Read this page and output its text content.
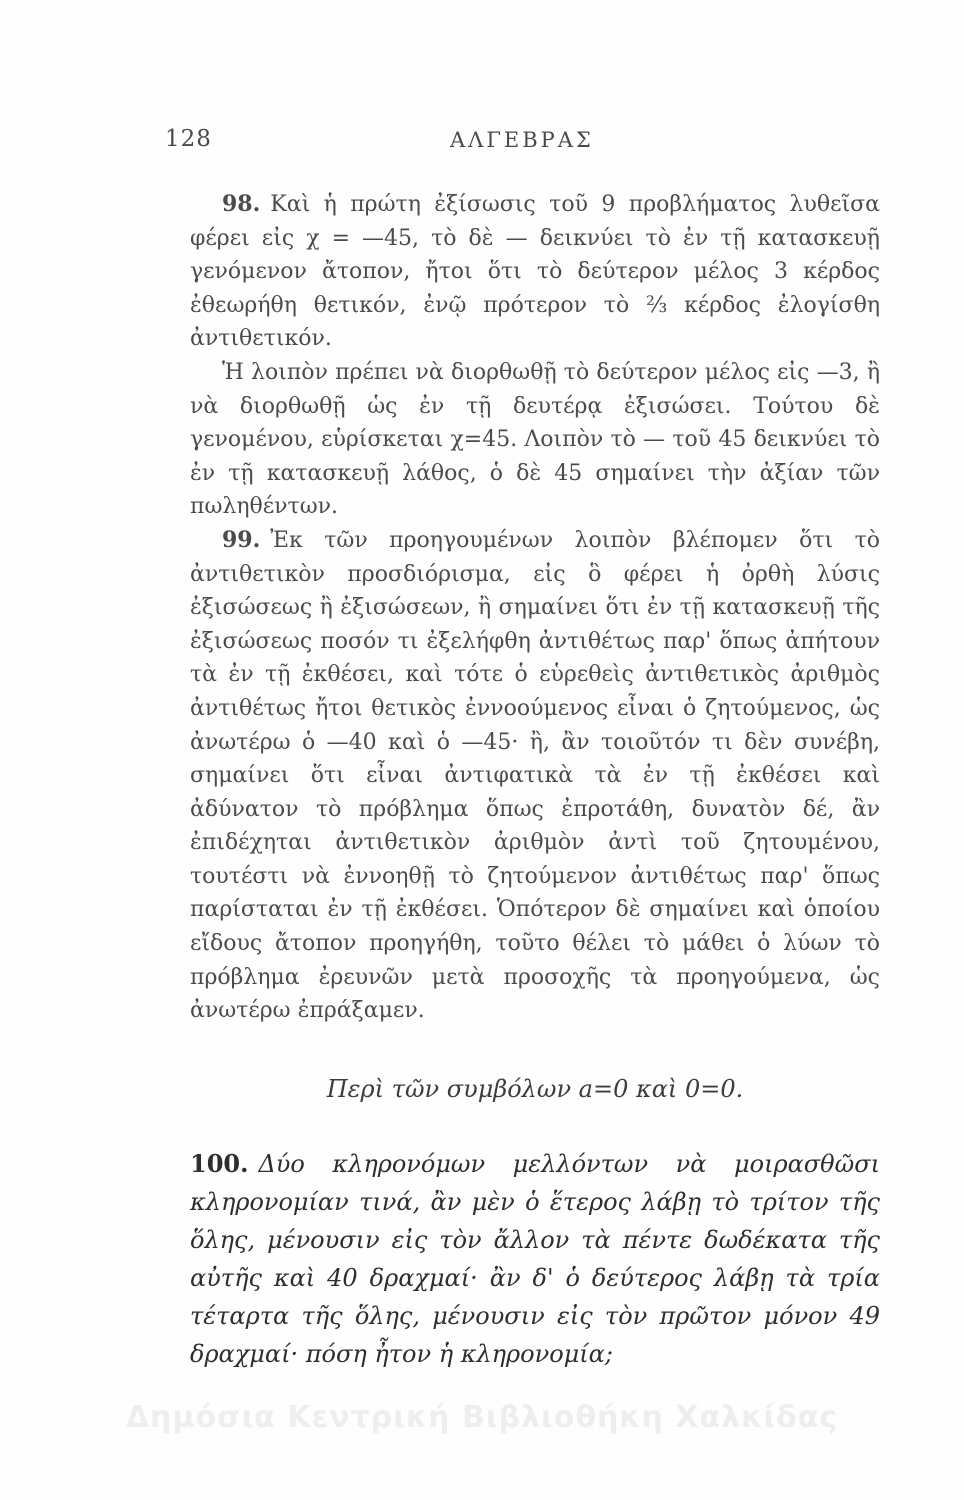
128	ΑΛΓΕΒΡΑΣ

98. Καὶ ἡ πρώτη ἐξίσωσις τοῦ 9 προβλήματος λυθεῖσα φέρει εἰς χ = —45, τὸ δὲ — δεικνύει τὸ ἐν τῇ κατασκευῇ γενόμενον ἄτοπον, ἤτοι ὅτι τὸ δεύτερον μέλος 3 κέρδος ἐθεωρήθη θετικόν, ἐνῷ πρότερον τὸ ⅔ κέρδος ἐλογίσθη ἀντιθετικόν.

Ἡ λοιπὸν πρέπει νὰ διορθωθῇ τὸ δεύτερον μέλος εἰς —3, ἢ νὰ διορθωθῇ ὡς ἐν τῇ δευτέρᾳ ἐξισώσει. Τούτου δὲ γενομένου, εὑρίσκεται χ=45. Λοιπὸν τὸ — τοῦ 45 δεικνύει τὸ ἐν τῇ κατασκευῇ λάθος, ὁ δὲ 45 σημαίνει τὴν ἀξίαν τῶν πωληθέντων.

99. Ἐκ τῶν προηγουμένων λοιπὸν βλέπομεν ὅτι τὸ ἀντιθετικὸν προσδιόρισμα, εἰς ὃ φέρει ἡ ὀρθὴ λύσις ἐξισώσεως ἢ ἐξισώσεων, ἢ σημαίνει ὅτι ἐν τῇ κατασκευῇ τῆς ἐξισώσεως ποσόν τι ἐξελήφθη ἀντιθέτως παρ' ὅπως ἀπήτουν τὰ ἐν τῇ ἐκθέσει, καὶ τότε ὁ εὑρεθεὶς ἀντιθετικὸς ἀριθμὸς ἀντιθέτως ἤτοι θετικὸς ἐννοούμενος εἶναι ὁ ζητούμενος, ὡς ἀνωτέρω ὁ —40 καὶ ὁ —45· ἢ, ἂν τοιοῦτόν τι δὲν συνέβη, σημαίνει ὅτι εἶναι ἀντιφατικὰ τὰ ἐν τῇ ἐκθέσει καὶ ἀδύνατον τὸ πρόβλημα ὅπως ἐπροτάθη, δυνατὸν δέ, ἂν ἐπιδέχηται ἀντιθετικὸν ἀριθμὸν ἀντὶ τοῦ ζητουμένου, τουτέστι νὰ ἐννοηθῇ τὸ ζητούμενον ἀντιθέτως παρ' ὅπως παρίσταται ἐν τῇ ἐκθέσει. Ὁπότερον δὲ σημαίνει καὶ ὁποίου εἴδους ἄτοπον προηγήθη, τοῦτο θέλει τὸ μάθει ὁ λύων τὸ πρόβλημα ἐρευνῶν μετὰ προσοχῆς τὰ προηγούμενα, ὡς ἀνωτέρω ἐπράξαμεν.

Περὶ τῶν συμβόλων a=0 καὶ 0=0.
100. Δύο κληρονόμων μελλόντων νὰ μοιρασθῶσι κληρονομίαν τινά, ἂν μὲν ὁ ἕτερος λάβῃ τὸ τρίτον τῆς ὅλης, μένουσιν εἰς τὸν ἄλλον τὰ πέντε δωδέκατα τῆς αὐτῆς καὶ 40 δραχμαί· ἂν δ' ὁ δεύτερος λάβῃ τὰ τρία τέταρτα τῆς ὅλης, μένουσιν εἰς τὸν πρῶτον μόνον 49 δραχμαί· πόση ἦτον ἡ κληρονομία;
Δημόσια Κεντρική Βιβλιοθήκη Χαλκίδας
